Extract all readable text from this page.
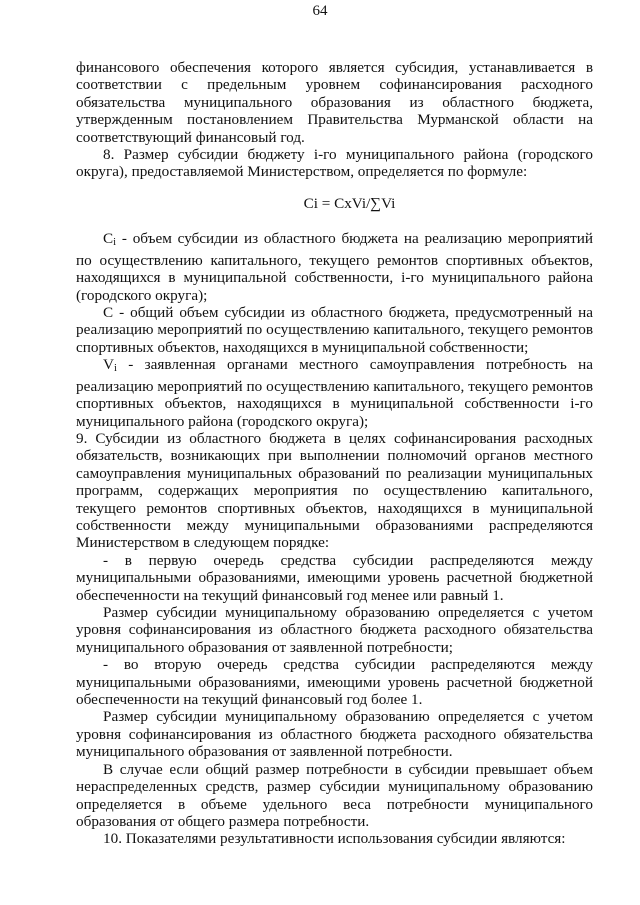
64

финансового обеспечения которого является субсидия, устанавливается в соответствии с предельным уровнем софинансирования расходного обязательства муниципального образования из областного бюджета, утвержденным постановлением Правительства Мурманской области на соответствующий финансовый год.

8. Размер субсидии бюджету i-го муниципального района (городского округа), предоставляемой Министерством, определяется по формуле:

Ci = CxVi/∑Vi

$C_i$ - объем субсидии из областного бюджета на реализацию мероприятий по осуществлению капитального, текущего ремонтов спортивных объектов, находящихся в муниципальной собственности, i-го муниципального района (городского округа);

C - общий объем субсидии из областного бюджета, предусмотренный на реализацию мероприятий по осуществлению капитального, текущего ремонтов спортивных объектов, находящихся в муниципальной собственности;

$V_i$ - заявленная органами местного самоуправления потребность на реализацию мероприятий по осуществлению капитального, текущего ремонтов спортивных объектов, находящихся в муниципальной собственности i-го муниципального района (городского округа);

9. Субсидии из областного бюджета в целях софинансирования расходных обязательств, возникающих при выполнении полномочий органов местного самоуправления муниципальных образований по реализации муниципальных программ, содержащих мероприятия по осуществлению капитального, текущего ремонтов спортивных объектов, находящихся в муниципальной собственности между муниципальными образованиями распределяются Министерством в следующем порядке:

- в первую очередь средства субсидии распределяются между муниципальными образованиями, имеющими уровень расчетной бюджетной обеспеченности на текущий финансовый год менее или равный 1.

Размер субсидии муниципальному образованию определяется с учетом уровня софинансирования из областного бюджета расходного обязательства муниципального образования от заявленной потребности;

- во вторую очередь средства субсидии распределяются между муниципальными образованиями, имеющими уровень расчетной бюджетной обеспеченности на текущий финансовый год более 1.

Размер субсидии муниципальному образованию определяется с учетом уровня софинансирования из областного бюджета расходного обязательства муниципального образования от заявленной потребности.

В случае если общий размер потребности в субсидии превышает объем нераспределенных средств, размер субсидии муниципальному образованию определяется в объеме удельного веса потребности муниципального образования от общего размера потребности.

10. Показателями результативности использования субсидии являются:
